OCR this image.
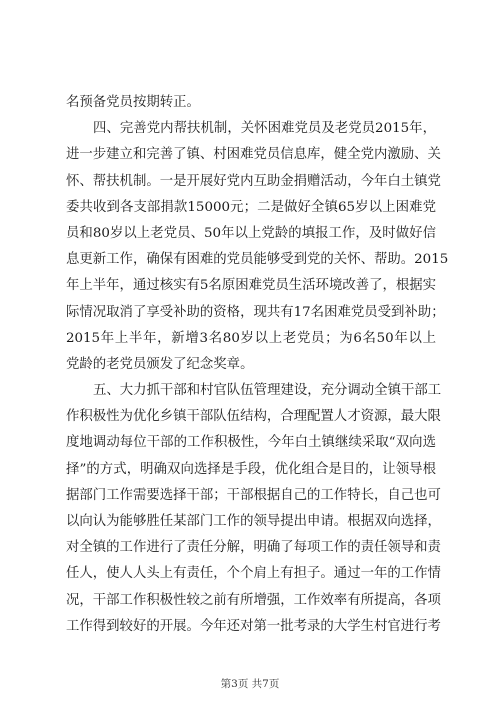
名预备党员按期转正。
四、完善党内帮扶机制，关怀困难党员及老党员2015年，
进一步建立和完善了镇、村困难党员信息库，健全党内激励、关
怀、帮扶机制。一是开展好党内互助金捐赠活动，今年白土镇党
委共收到各支部捐款15000元；二是做好全镇65岁以上困难党
员和80岁以上老党员、50年以上党龄的填报工作，及时做好信
息更新工作，确保有困难的党员能够受到党的关怀、帮助。2015
年上半年，通过核实有5名原困难党员生活环境改善了，根据实
际情况取消了享受补助的资格，现共有17名困难党员受到补助；
2015年上半年，新增3名80岁以上老党员；为6名50年以上
党龄的老党员颁发了纪念奖章。
五、大力抓干部和村官队伍管理建设，充分调动全镇干部工
作积极性为优化乡镇干部队伍结构，合理配置人才资源，最大限
度地调动每位干部的工作积极性，今年白土镇继续采取“双向选
择”的方式，明确双向选择是手段，优化组合是目的，让领导根
据部门工作需要选择干部；干部根据自己的工作特长，自己也可
以向认为能够胜任某部门工作的领导提出申请。根据双向选择，
对全镇的工作进行了责任分解，明确了每项工作的责任领导和责
任人，使人人头上有责任，个个肩上有担子。通过一年的工作情
况，干部工作积极性较之前有所增强，工作效率有所提高，各项
工作得到较好的开展。今年还对第一批考录的大学生村官进行考
第3页 共7页
